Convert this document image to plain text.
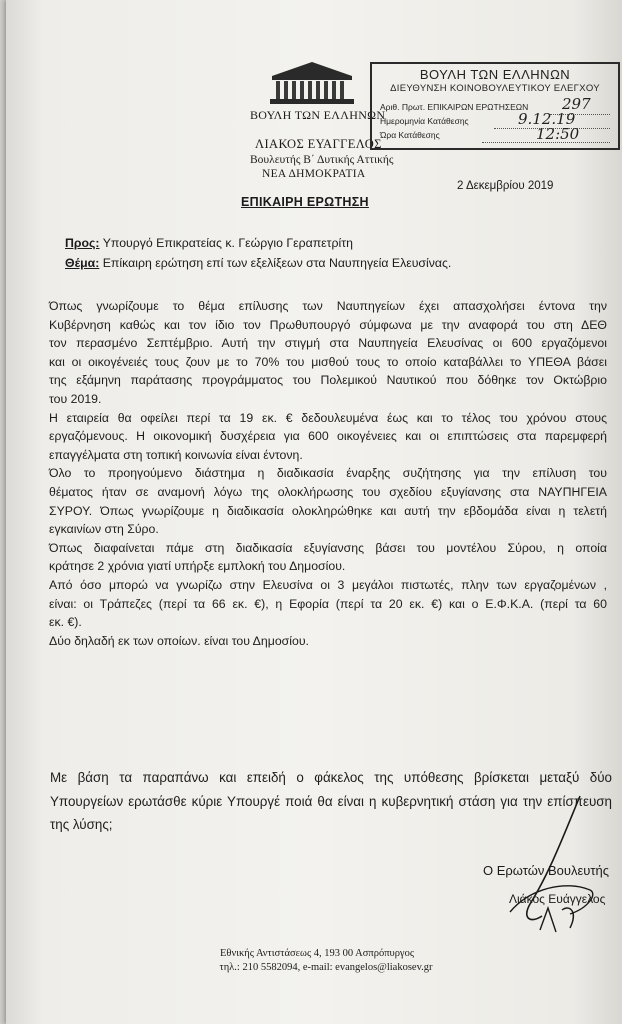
ΒΟΥΛΗ ΤΩΝ ΕΛΛΗΝΩΝ
ΛΙΑΚΟΣ ΕΥΑΓΓΕΛΟΣ
Βουλευτής Β΄ Δυτικής Αττικής
ΝΕΑ ΔΗΜΟΚΡΑΤΙΑ
2 Δεκεμβρίου 2019
ΒΟΥΛΗ ΤΩΝ ΕΛΛΗΝΩΝ
ΔΙΕΥΘΥΝΣΗ ΚΟΙΝΟΒΟΥΛΕΥΤΙΚΟΥ ΕΛΕΓΧΟΥ
Αριθ. Πρωτ. ΕΠΙΚΑΙΡΩΝ ΕΡΩΤΗΣΕΩΝ 297
Ημερομηνία Κατάθεσης	9.12.19
Ώρα Κατάθεσης	12:50
ΕΠΙΚΑΙΡΗ ΕΡΩΤΗΣΗ
Προς: Υπουργό Επικρατείας κ. Γεώργιο Γεραπετρίτη
Θέμα: Επίκαιρη ερώτηση επί των εξελίξεων στα Ναυπηγεία Ελευσίνας.

Όπως γνωρίζουμε το θέμα επίλυσης των Ναυπηγείων έχει απασχολήσει έντονα την

Κυβέρνηση καθώς και τον ίδιο τον Πρωθυπουργό σύμφωνα με την αναφορά του στη ΔΕΘ

τον περασμένο Σεπτέμβριο. Αυτή την στιγμή στα Ναυπηγεία Ελευσίνας οι 600 εργαζόμενοι

και οι οικογένειές τους ζουν με το 70% του μισθού τους το οποίο καταβάλλει το ΥΠΕΘΑ βάσει

της εξάμηνη παράτασης προγράμματος του Πολεμικού Ναυτικού που δόθηκε τον Οκτώβριο

του 2019.

Η εταιρεία θα οφείλει περί τα 19 εκ. € δεδουλευμένα έως και το τέλος του χρόνου στους

εργαζόμενους. Η οικονομική δυσχέρεια για 600 οικογένειες και οι επιπτώσεις στα παρεμφερή

επαγγέλματα στη τοπική κοινωνία είναι έντονη.

Όλο το προηγούμενο διάστημα η διαδικασία έναρξης συζήτησης για την επίλυση του

θέματος ήταν σε αναμονή λόγω της ολοκλήρωσης του σχεδίου εξυγίανσης στα ΝΑΥΠΗΓΕΙΑ

ΣΥΡΟΥ. Όπως γνωρίζουμε η διαδικασία ολοκληρώθηκε και αυτή την εβδομάδα είναι η τελετή

εγκαινίων στη Σύρο.

Όπως διαφαίνεται πάμε στη διαδικασία εξυγίανσης βάσει του μοντέλου Σύρου, η οποία

κράτησε 2 χρόνια γιατί υπήρξε εμπλοκή του Δημοσίου.

Από όσο μπορώ να γνωρίζω στην Ελευσίνα οι 3 μεγάλοι πιστωτές, πλην των εργαζομένων ,

είναι: οι Τράπεζες (περί τα 66 εκ. €), η Εφορία (περί τα 20 εκ. €) και ο Ε.Φ.Κ.Α. (περί τα 60

εκ. €).

Δύο δηλαδή εκ των οποίων. είναι του Δημοσίου.

Με βάση τα παραπάνω και επειδή ο φάκελος της υπόθεσης βρίσκεται μεταξύ δύο

Υπουργείων ερωτάσθε κύριε Υπουργέ ποιά θα είναι η κυβερνητική στάση για την επίσπευση

της λύσης;

Ο Ερωτών Βουλευτής
Λιάκος Ευάγγελος
Εθνικής Αντιστάσεως 4, 193 00 Ασπρόπυργος
τηλ.: 210 5582094, e-mail: evangelos@liakosev.gr
